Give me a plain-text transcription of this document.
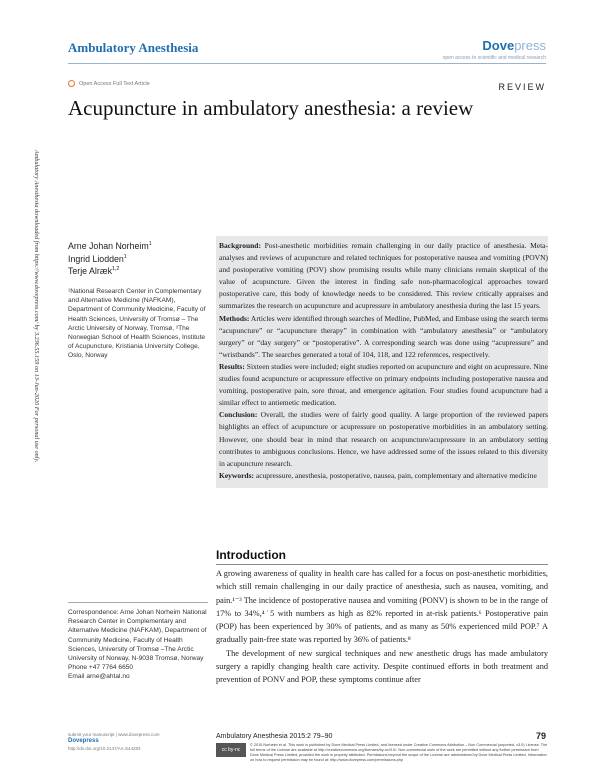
Ambulatory Anesthesia	Dovepress
open access to scientific and medical research
Open Access Full Text Article	REVIEW
Acupuncture in ambulatory anesthesia: a review
Ambulatory Anesthesia downloaded from https://www.dovepress.com/ by 3.236.55.159 on 13-Jun-2020 For personal use only.	Arne Johan Norheim$^1$
Ingrid Liodden$^1$
Terje Alræk$^{1,2}$
¹National Research Center in Complementary and Alternative Medicine (NAFKAM), Department of Community Medicine, Faculty of Health Sciences, University of Tromsø – The Arctic University of Norway, Tromsø, ²The Norwegian School of Health Sciences, Institute of Acupuncture, Kristiania University College, Oslo, Norway
Correspondence: Arne Johan Norheim National Research Center in Complementary and Alternative Medicine (NAFKAM), Department of Community Medicine, Faculty of Health Sciences, University of Tromsø –The Arctic University of Norway, N-9038 Tromsø, Norway
Phone +47 7764 6650
Email arne@ahtal.no

Background: Post-anesthetic morbidities remain challenging in our daily practice of anesthesia. Meta-analyses and reviews of acupuncture and related techniques for postoperative nausea and vomiting (POVN) and postoperative vomiting (POV) show promising results while many clinicians remain skeptical of the value of acupuncture. Given the interest in finding safe non-pharmacological approaches toward postoperative care, this body of knowledge needs to be considered. This review critically appraises and summarizes the research on acupuncture and acupressure in ambulatory anesthesia during the last 15 years.

Methods: Articles were identified through searches of Medline, PubMed, and Embase using the search terms “acupuncture” or “acupuncture therapy” in combination with “ambulatory anesthesia” or “ambulatory surgery” or “day surgery” or “postoperative”. A corresponding search was done using “acupressure” and “wristbands”. The searches generated a total of 104, 118, and 122 references, respectively.

Results: Sixteen studies were included; eight studies reported on acupuncture and eight on acupressure. Nine studies found acupuncture or acupressure effective on primary endpoints including postoperative nausea and vomiting, postoperative pain, sore throat, and emergence agitation. Four studies found acupuncture had a similar effect to antiemetic medication.

Conclusion: Overall, the studies were of fairly good quality. A large proportion of the reviewed papers highlights an effect of acupuncture or acupressure on postoperative morbidities in an ambulatory setting. However, one should bear in mind that research on acupuncture/acupressure in an ambulatory setting contributes to ambiguous conclusions. Hence, we have addressed some of the issues related to this diversity in acupuncture research.

Keywords: acupressure, anesthesia, postoperative, nausea, pain, complementary and alternative medicine

Introduction

A growing awareness of quality in health care has called for a focus on post-anesthetic morbidities, which still remain challenging in our daily practice of anesthesia, such as nausea, vomiting, and pain.¹⁻³ The incidence of postoperative nausea and vomiting (PONV) is shown to be in the range of 17% to 34%,⁴˙5 with numbers as high as 82% reported in at-risk patients.⁶ Postoperative pain (POP) has been experienced by 30% of patients, and as many as 50% experienced mild POP.⁷ A gradually pain-free state was reported by 36% of patients.⁸

The development of new surgical techniques and new anesthetic drugs has made ambulatory surgery a rapidly changing health care activity. Despite continued efforts in both treatment and prevention of PONV and POP, these symptoms continue after

submit your manuscript | www.dovepress.com
Dovepress
http://dx.doi.org/10.2147/AA.S44283
Ambulatory Anesthesia 2015:2 79–90	79
cc by-nc
© 2015 Norheim et al. This work is published by Dove Medical Press Limited, and licensed under Creative Commons Attribution – Non Commercial (unported, v3.0) License. The full terms of the License are available at http://creativecommons.org/licenses/by-nc/3.0/. Non-commercial uses of the work are permitted without any further permission from Dove Medical Press Limited, provided the work is properly attributed. Permissions beyond the scope of the License are administered by Dove Medical Press Limited. Information on how to request permission may be found at: http://www.dovepress.com/permissions.php
